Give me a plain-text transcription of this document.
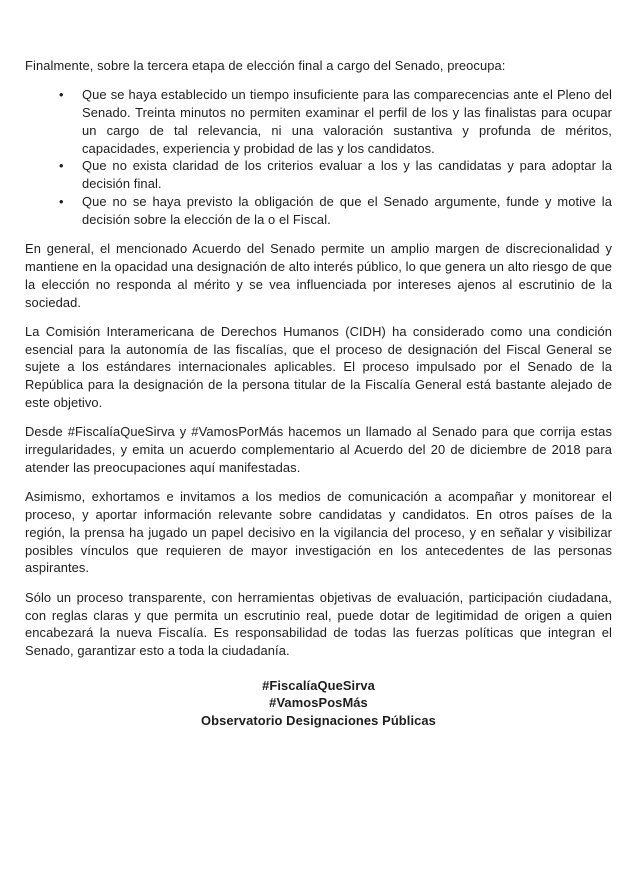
Finalmente, sobre la tercera etapa de elección final a cargo del Senado, preocupa:

•	Que se haya establecido un tiempo insuficiente para las comparecencias ante el Pleno del Senado. Treinta minutos no permiten examinar el perfil de los y las finalistas para ocupar un cargo de tal relevancia, ni una valoración sustantiva y profunda de méritos, capacidades, experiencia y probidad de las y los candidatos.
•	Que no exista claridad de los criterios evaluar a los y las candidatas y para adoptar la decisión final.
•	Que no se haya previsto la obligación de que el Senado argumente, funde y motive la decisión sobre la elección de la o el Fiscal.

En general, el mencionado Acuerdo del Senado permite un amplio margen de discrecionalidad y mantiene en la opacidad una designación de alto interés público, lo que genera un alto riesgo de que la elección no responda al mérito y se vea influenciada por intereses ajenos al escrutinio de la sociedad.

La Comisión Interamericana de Derechos Humanos (CIDH) ha considerado como una condición esencial para la autonomía de las fiscalías, que el proceso de designación del Fiscal General se sujete a los estándares internacionales aplicables. El proceso impulsado por el Senado de la República para la designación de la persona titular de la Fiscalía General está bastante alejado de este objetivo.

Desde #FiscalíaQueSirva y #VamosPorMás hacemos un llamado al Senado para que corrija estas irregularidades, y emita un acuerdo complementario al Acuerdo del 20 de diciembre de 2018 para atender las preocupaciones aquí manifestadas.

Asimismo, exhortamos e invitamos a los medios de comunicación a acompañar y monitorear el proceso, y aportar información relevante sobre candidatas y candidatos. En otros países de la región, la prensa ha jugado un papel decisivo en la vigilancia del proceso, y en señalar y visibilizar posibles vínculos que requieren de mayor investigación en los antecedentes de las personas aspirantes.

Sólo un proceso transparente, con herramientas objetivas de evaluación, participación ciudadana, con reglas claras y que permita un escrutinio real, puede dotar de legitimidad de origen a quien encabezará la nueva Fiscalía. Es responsabilidad de todas las fuerzas políticas que integran el Senado, garantizar esto a toda la ciudadanía.

#FiscalíaQueSirva
#VamosPosMás
Observatorio Designaciones Públicas
